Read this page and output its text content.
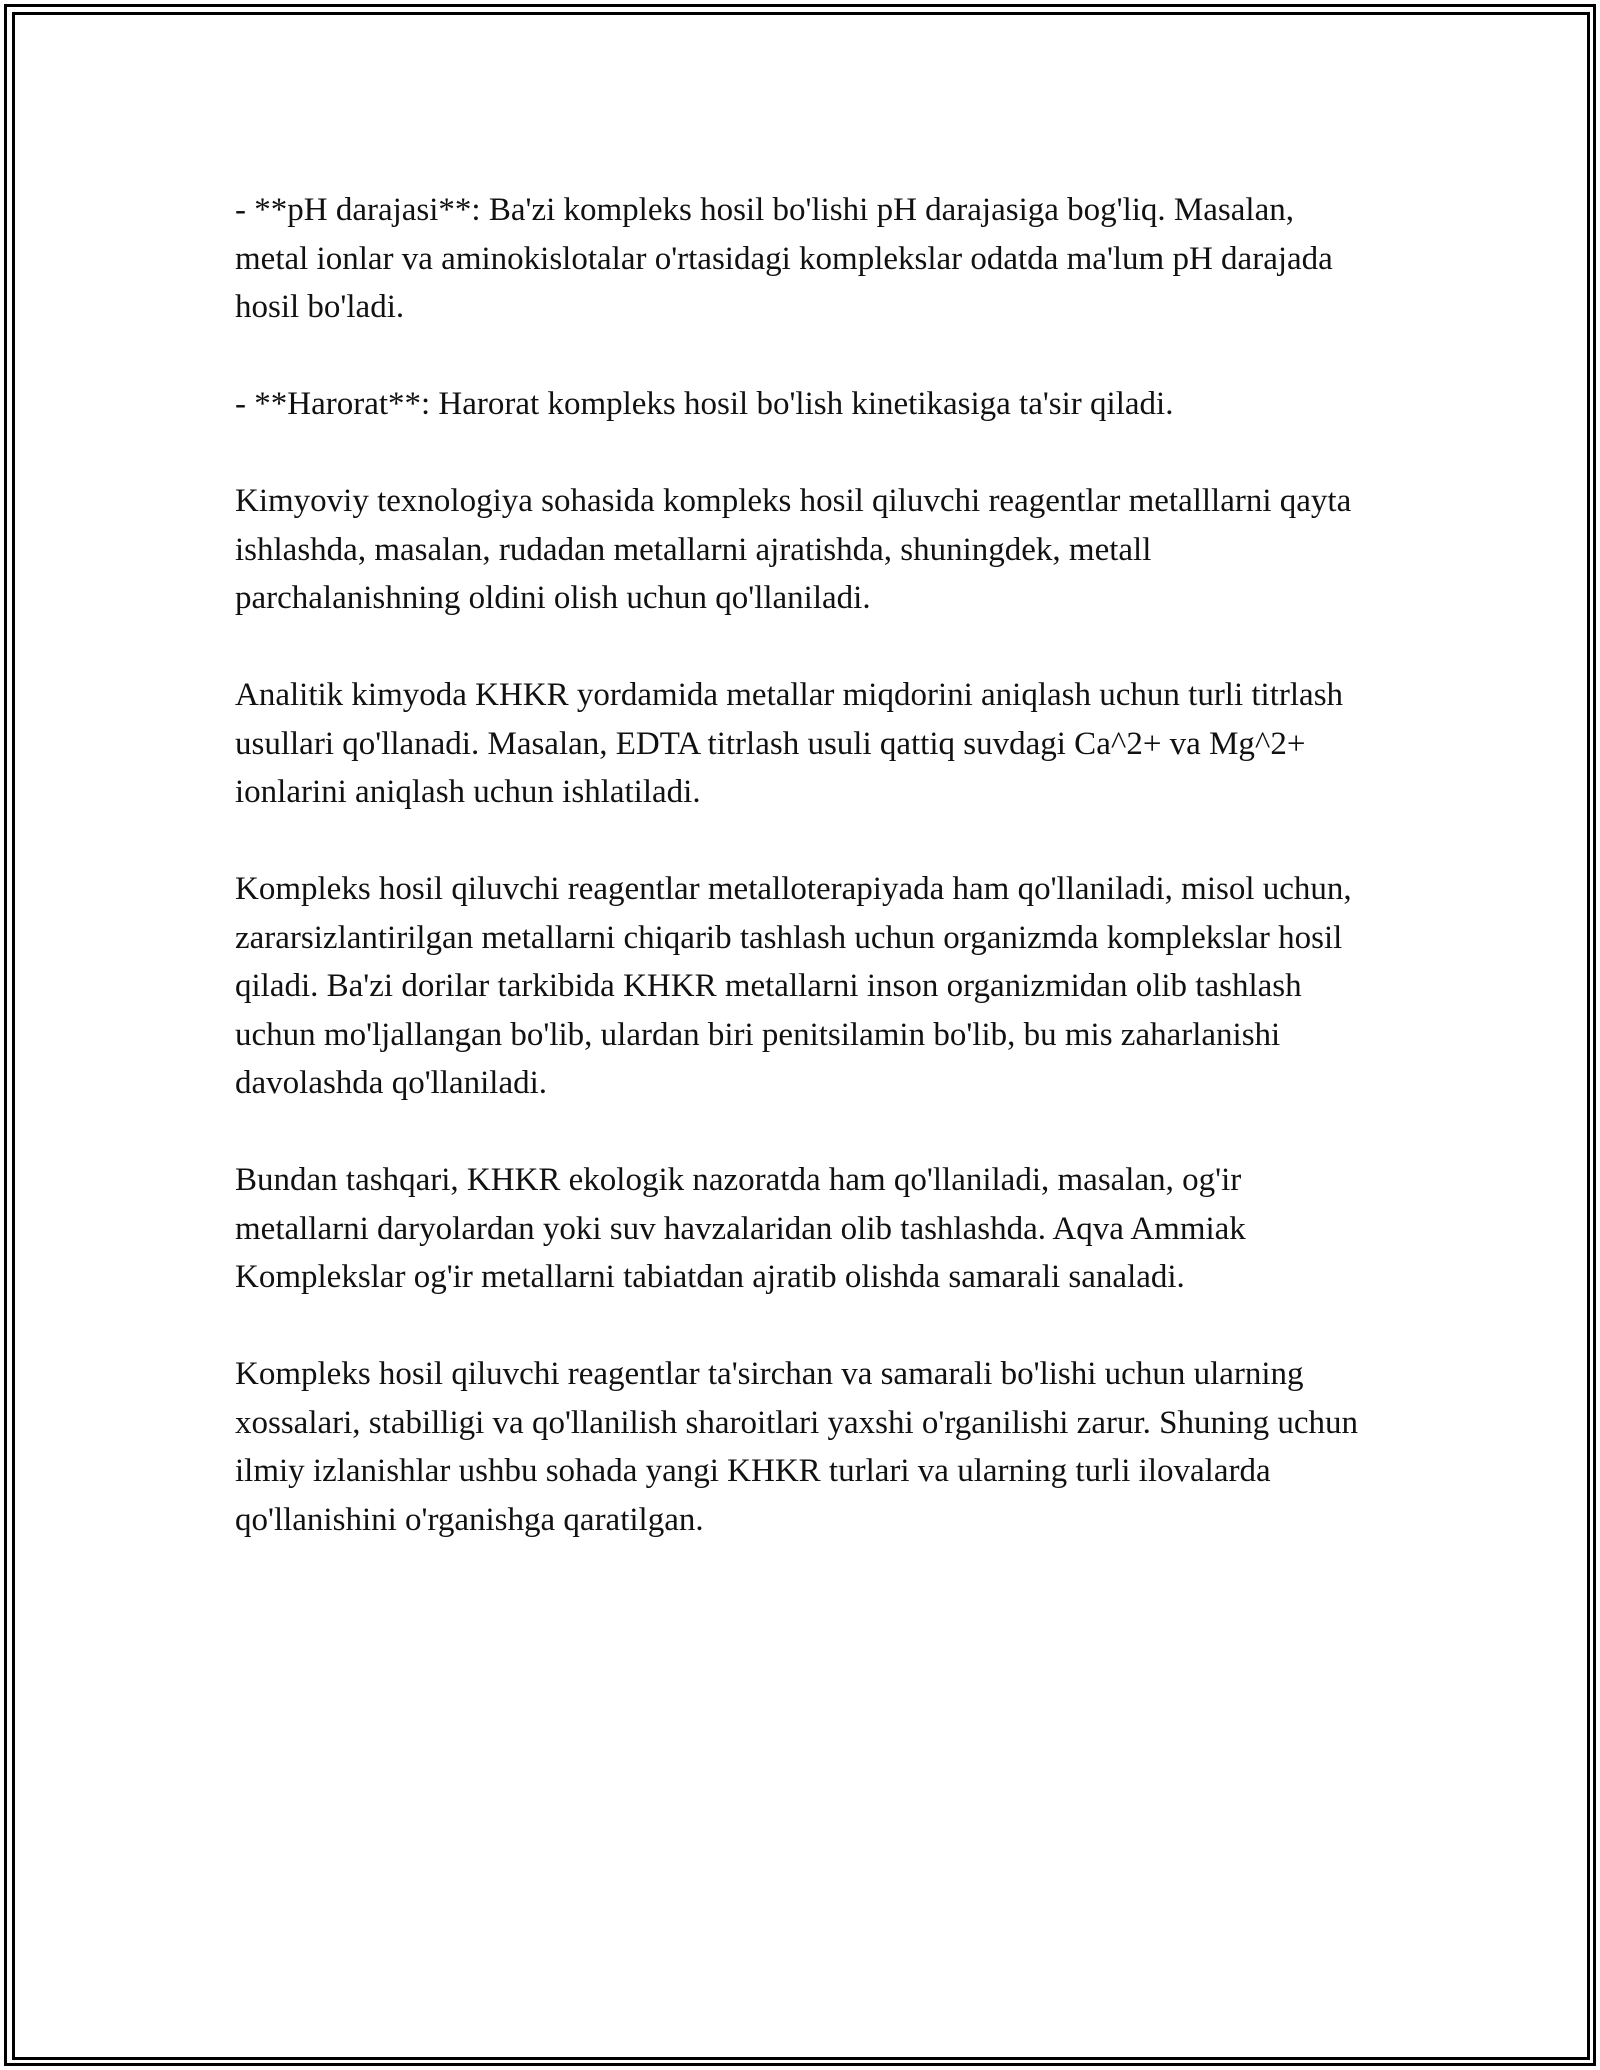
- **pH darajasi**: Ba'zi kompleks hosil bo'lishi pH darajasiga bog'liq. Masalan, metal ionlar va aminokislotalar o'rtasidagi komplekslar odatda ma'lum pH darajada hosil bo'ladi.

- **Harorat**: Harorat kompleks hosil bo'lish kinetikasiga ta'sir qiladi.

Kimyoviy texnologiya sohasida kompleks hosil qiluvchi reagentlar metalllarni qayta ishlashda, masalan, rudadan metallarni ajratishda, shuningdek, metall parchalanishning oldini olish uchun qo'llaniladi.

Analitik kimyoda KHKR yordamida metallar miqdorini aniqlash uchun turli titrlash usullari qo'llanadi. Masalan, EDTA titrlash usuli qattiq suvdagi Ca^2+ va Mg^2+ ionlarini aniqlash uchun ishlatiladi.

Kompleks hosil qiluvchi reagentlar metalloterapiyada ham qo'llaniladi, misol uchun, zararsizlantirilgan metallarni chiqarib tashlash uchun organizmda komplekslar hosil qiladi. Ba'zi dorilar tarkibida KHKR metallarni inson organizmidan olib tashlash uchun mo'ljallangan bo'lib, ulardan biri penitsilamin bo'lib, bu mis zaharlanishi davolashda qo'llaniladi.

Bundan tashqari, KHKR ekologik nazoratda ham qo'llaniladi, masalan, og'ir metallarni daryolardan yoki suv havzalaridan olib tashlashda. Aqva Ammiak Komplekslar og'ir metallarni tabiatdan ajratib olishda samarali sanaladi.

Kompleks hosil qiluvchi reagentlar ta'sirchan va samarali bo'lishi uchun ularning xossalari, stabilligi va qo'llanilish sharoitlari yaxshi o'rganilishi zarur. Shuning uchun ilmiy izlanishlar ushbu sohada yangi KHKR turlari va ularning turli ilovalarda qo'llanishini o'rganishga qaratilgan.
